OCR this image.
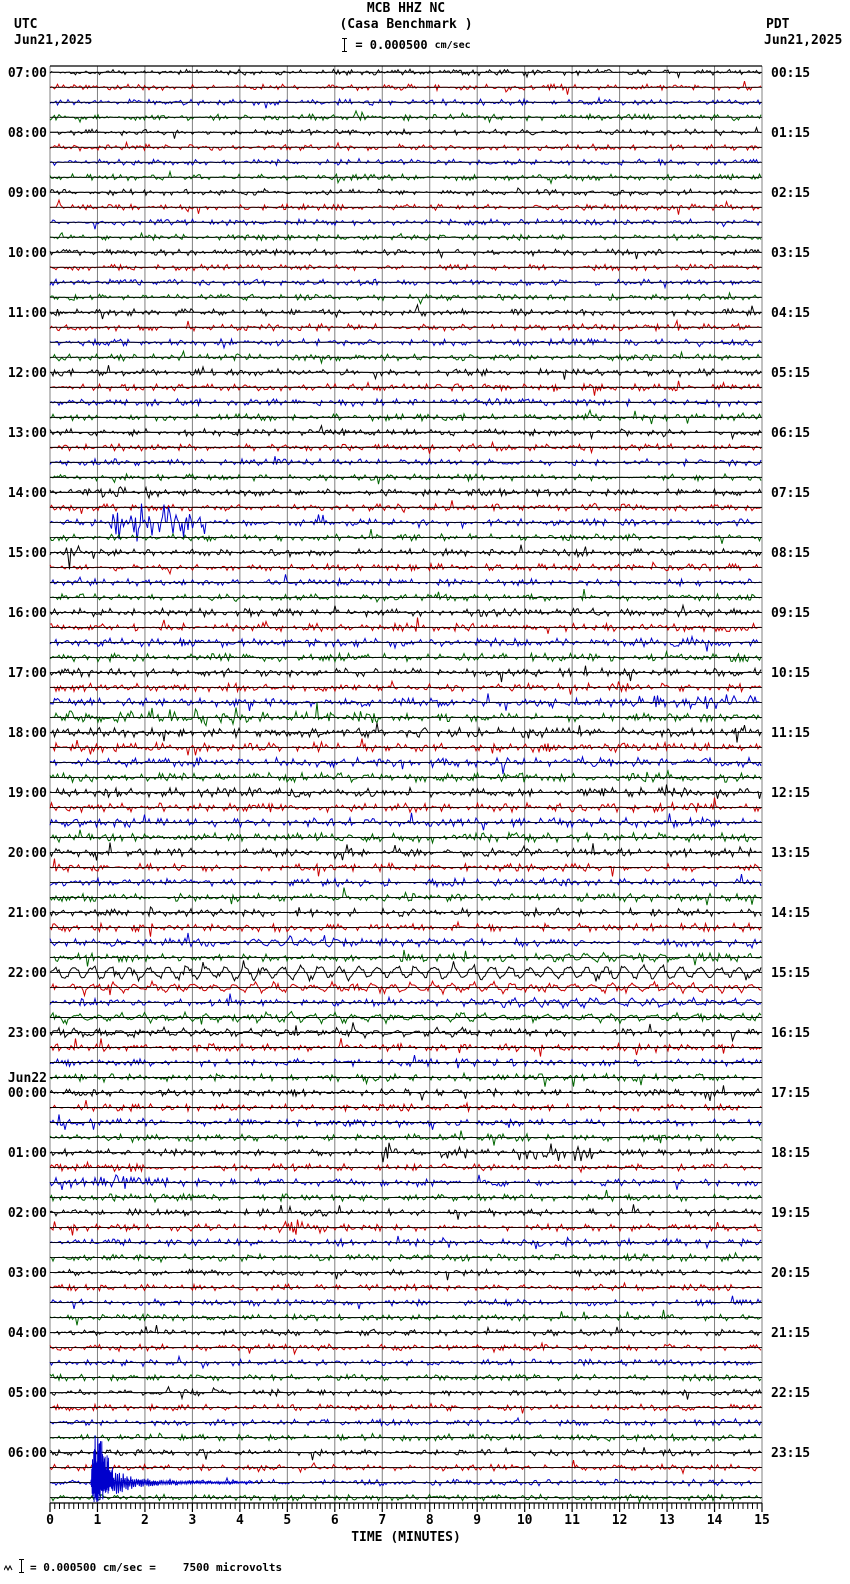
UTC
Jun21,2025
PDT
Jun21,2025
MCB HHZ NC
(Casa Benchmark )
= 0.000500 cm/sec
TIME (MINUTES)
0	1	2	3	4	5	6	7	8	9	10 11 12 13 14 15
07:00
08:00
09:00
10:00
11:00
12:00
13:00
14:00
15:00
16:00
17:00
18:00
19:00
20:00
21:00
22:00
23:00
Jun22
00:00
01:00
02:00
03:00
04:00
05:00
06:00
00:15
01:15
02:15
03:15
04:15
05:15
06:15
07:15
08:15
09:15
10:15
11:15
12:15
13:15
14:15
15:15
16:15
17:15
18:15
19:15
20:15
21:15
22:15
23:15
= 0.000500 cm/sec = 7500 microvolts
